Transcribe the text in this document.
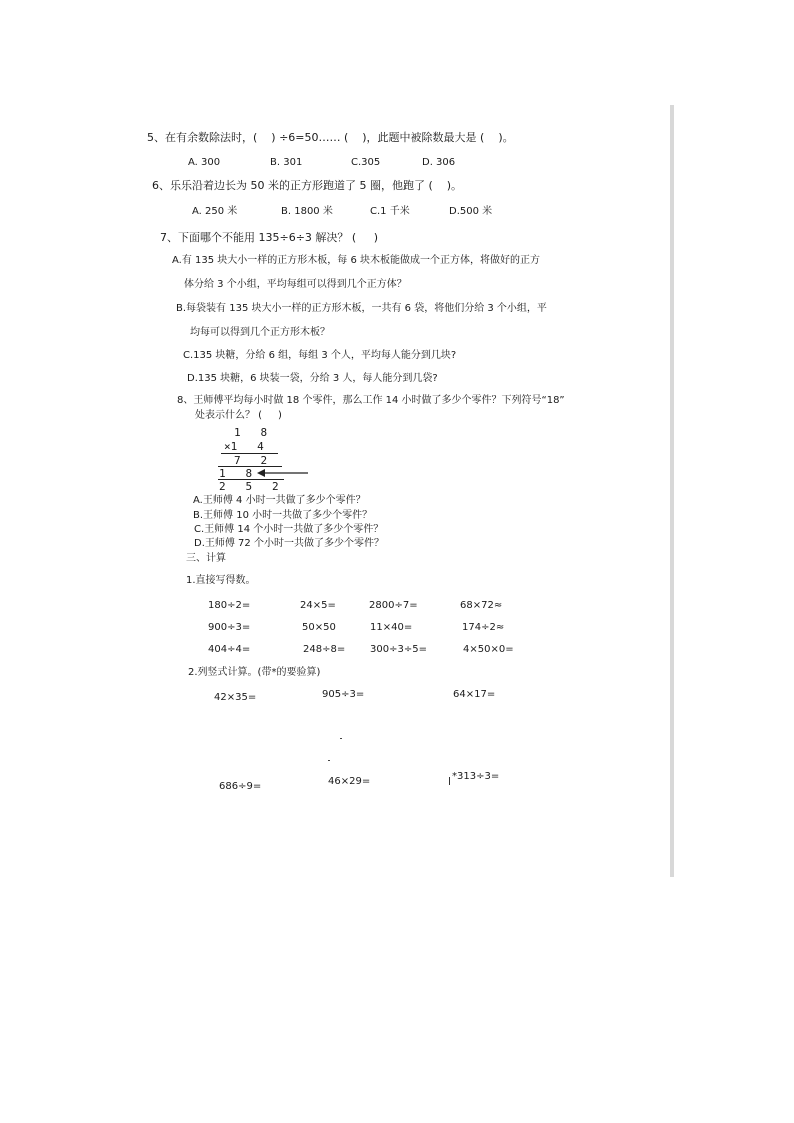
5、在有余数除法时，(    ) ÷6=50…… (    )，此题中被除数最大是 (    )。
A. 300	B. 301	C.305	D. 306
6、乐乐沿着边长为 50 米的正方形跑道了 5 圈，他跑了 (    )。
A. 250 米	B. 1800 米	C.1 千米	D.500 米
7、下面哪个不能用 135÷6÷3 解决？ (     )
A.有 135 块大小一样的正方形木板，每 6 块木板能做成一个正方体，将做好的正方
体分给 3 个小组，平均每组可以得到几个正方体？
B.每袋装有 135 块大小一样的正方形木板，一共有 6 袋，将他们分给 3 个小组，平
均每可以得到几个正方形木板？
C.135 块糖，分给 6 组，每组 3 个人，平均每人能分到几块?
D.135 块糖，6 块装一袋，分给 3 人，每人能分到几袋?
8、王师傅平均每小时做 18 个零件，那么工作 14 小时做了多少个零件？下列符号“18”
处表示什么？ (     )
1   8
×1   4
7   2
1   8
2   5   2
A.王师傅 4 小时一共做了多少个零件？
B.王师傅 10 小时一共做了多少个零件？
C.王师傅 14 个小时一共做了多少个零件？
D.王师傅 72 个小时一共做了多少个零件？
三、计算
1.直接写得数。
180÷2=	24×5=	2800÷7=	68×72≈
900÷3=	50×50	11×40=	174÷2≈
404÷4=	248÷8= 300÷3÷5=	4×50×0=
2.列竖式计算。(带*的要验算)
42×35=	905÷3=	64×17=
686÷9=	46×29=	*313÷3=
